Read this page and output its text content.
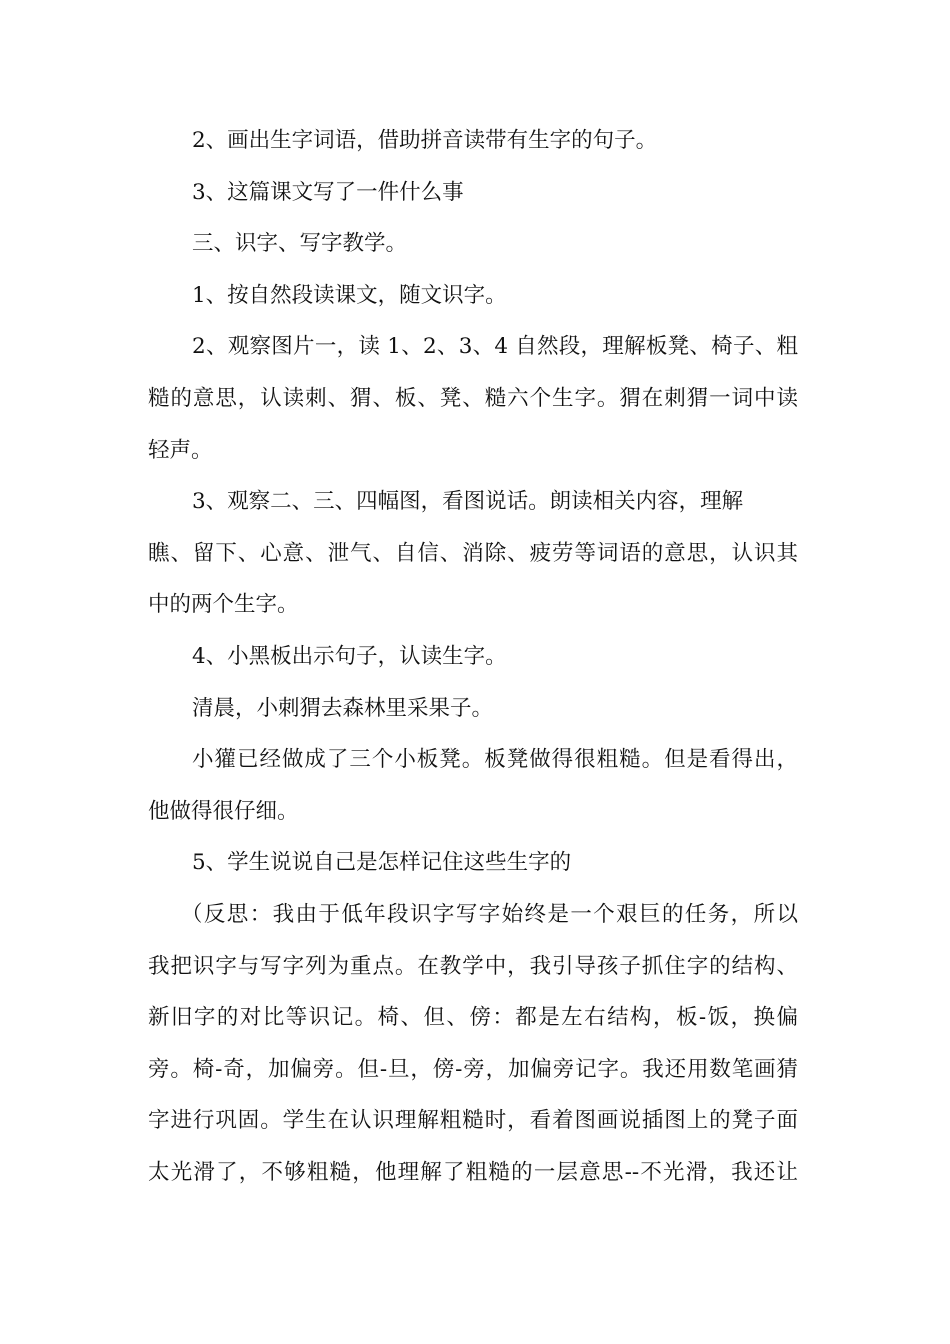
2、画出生字词语，借助拼音读带有生字的句子。

3、这篇课文写了一件什么事

三、识字、写字教学。

1、按自然段读课文，随文识字。

2、观察图片一，读 1、2、3、4 自然段，理解板凳、椅子、粗

糙的意思，认读刺、猬、板、凳、糙六个生字。猬在刺猬一词中读

轻声。

3、观察二、三、四幅图，看图说话。朗读相关内容，理解

瞧、留下、心意、泄气、自信、消除、疲劳等词语的意思，认识其

中的两个生字。

4、小黑板出示句子，认读生字。

清晨，小刺猬去森林里采果子。

小獾已经做成了三个小板凳。板凳做得很粗糙。但是看得出，

他做得很仔细。

5、学生说说自己是怎样记住这些生字的

（反思：我由于低年段识字写字始终是一个艰巨的任务，所以

我把识字与写字列为重点。在教学中，我引导孩子抓住字的结构、

新旧字的对比等识记。椅、但、傍：都是左右结构，板-饭，换偏

旁。椅-奇，加偏旁。但-旦，傍-旁，加偏旁记字。我还用数笔画猜

字进行巩固。学生在认识理解粗糙时，看着图画说插图上的凳子面

太光滑了，不够粗糙，他理解了粗糙的一层意思--不光滑，我还让
